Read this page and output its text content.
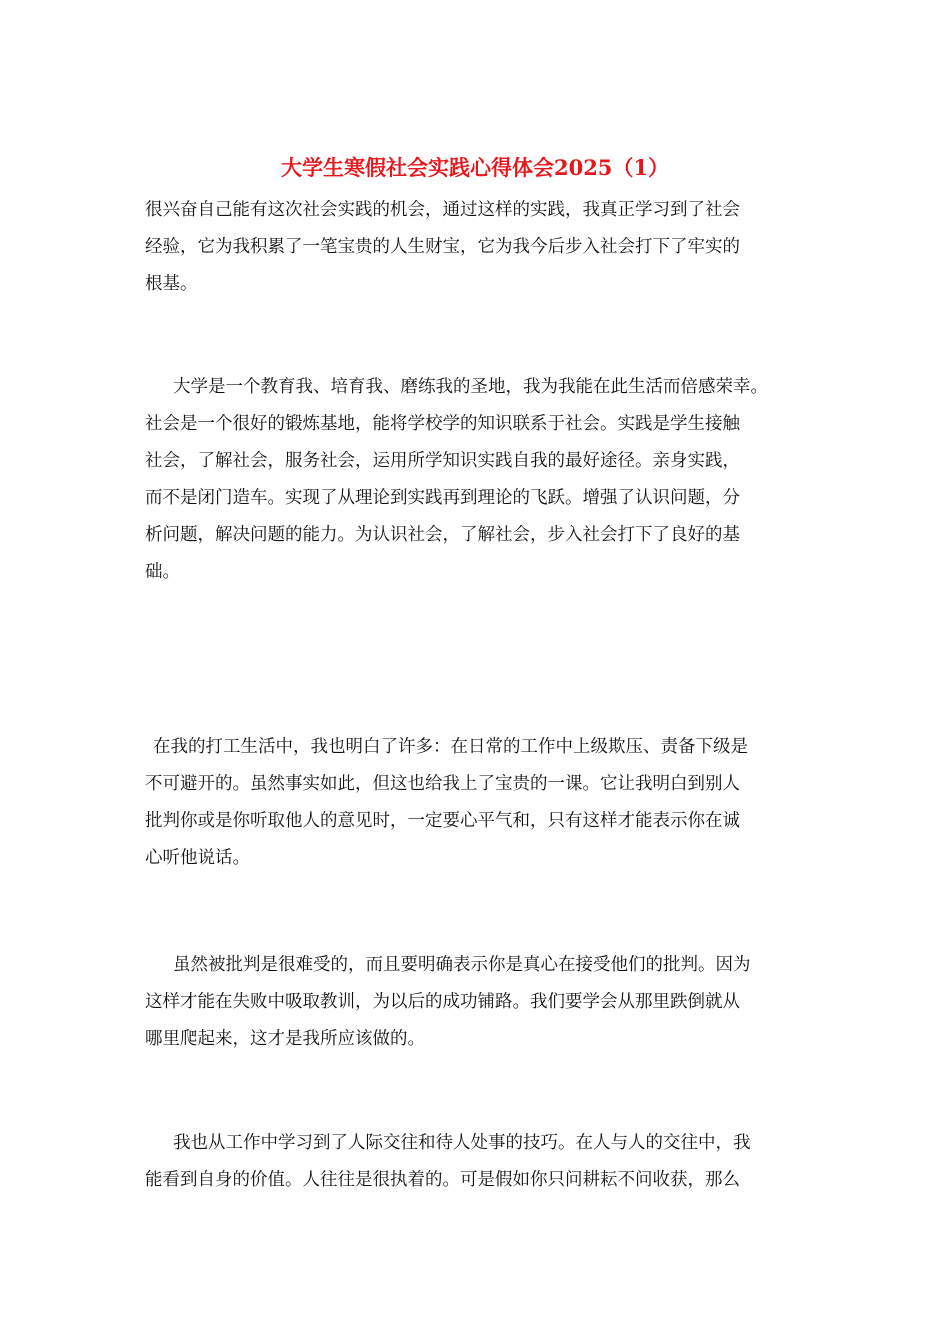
大学生寒假社会实践心得体会2025（1）
很兴奋自己能有这次社会实践的机会，通过这样的实践，我真正学习到了社会
经验，它为我积累了一笔宝贵的人生财宝，它为我今后步入社会打下了牢实的
根基。
大学是一个教育我、培育我、磨练我的圣地，我为我能在此生活而倍感荣幸。
社会是一个很好的锻炼基地，能将学校学的知识联系于社会。实践是学生接触
社会，了解社会，服务社会，运用所学知识实践自我的最好途径。亲身实践，
而不是闭门造车。实现了从理论到实践再到理论的飞跃。增强了认识问题，分
析问题，解决问题的能力。为认识社会，了解社会，步入社会打下了良好的基
础。
在我的打工生活中，我也明白了许多：在日常的工作中上级欺压、责备下级是
不可避开的。虽然事实如此，但这也给我上了宝贵的一课。它让我明白到别人
批判你或是你听取他人的意见时，一定要心平气和，只有这样才能表示你在诚
心听他说话。
虽然被批判是很难受的，而且要明确表示你是真心在接受他们的批判。因为
这样才能在失败中吸取教训，为以后的成功铺路。我们要学会从那里跌倒就从
哪里爬起来，这才是我所应该做的。
我也从工作中学习到了人际交往和待人处事的技巧。在人与人的交往中，我
能看到自身的价值。人往往是很执着的。可是假如你只问耕耘不问收获，那么
